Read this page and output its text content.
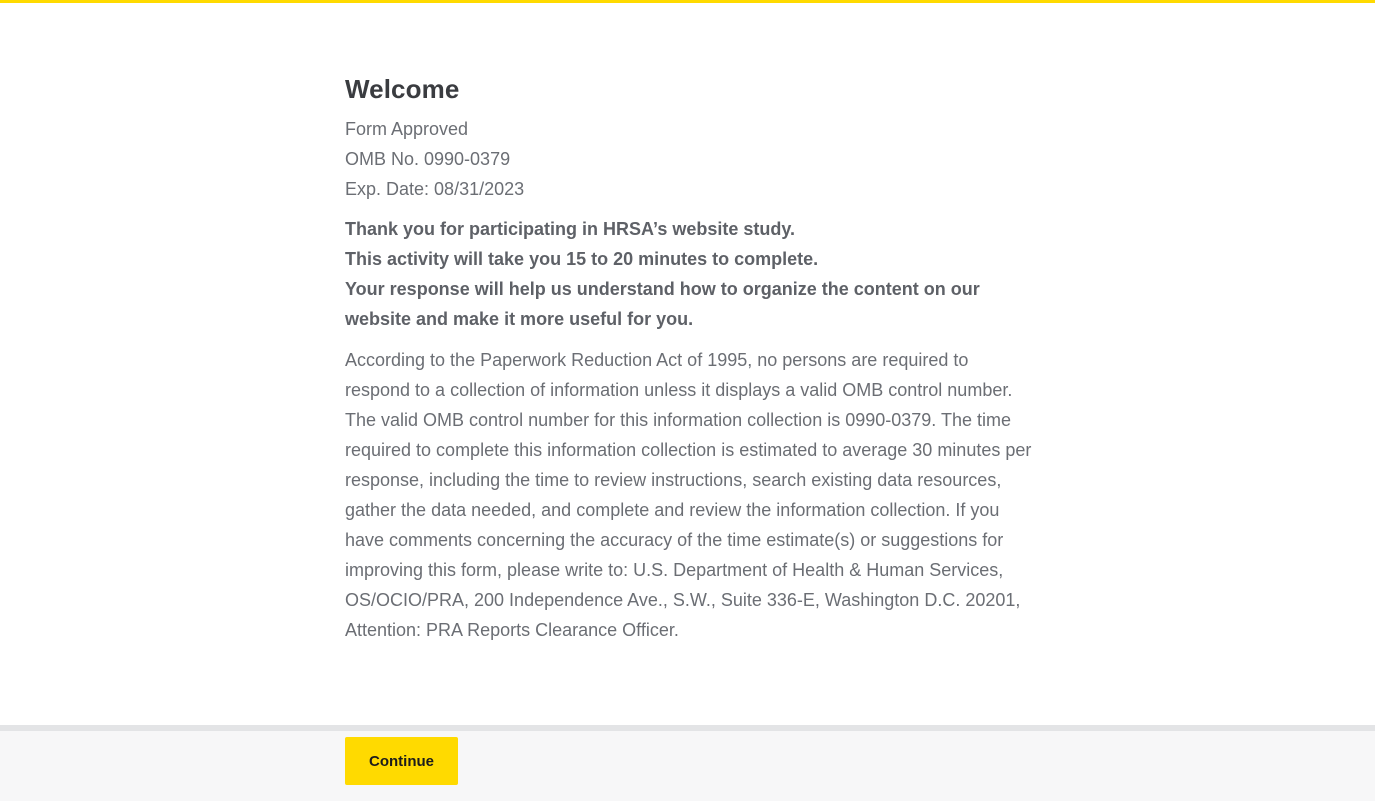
Welcome
Form Approved
OMB No. 0990-0379
Exp. Date: 08/31/2023
Thank you for participating in HRSA’s website study.
This activity will take you 15 to 20 minutes to complete.
Your response will help us understand how to organize the content on our website and make it more useful for you.

According to the Paperwork Reduction Act of 1995, no persons are required to respond to a collection of information unless it displays a valid OMB control number. The valid OMB control number for this information collection is 0990-0379. The time required to complete this information collection is estimated to average 30 minutes per response, including the time to review instructions, search existing data resources, gather the data needed, and complete and review the information collection. If you have comments concerning the accuracy of the time estimate(s) or suggestions for improving this form, please write to: U.S. Department of Health & Human Services, OS/OCIO/PRA, 200 Independence Ave., S.W., Suite 336-E, Washington D.C. 20201, Attention: PRA Reports Clearance Officer.

Continue
